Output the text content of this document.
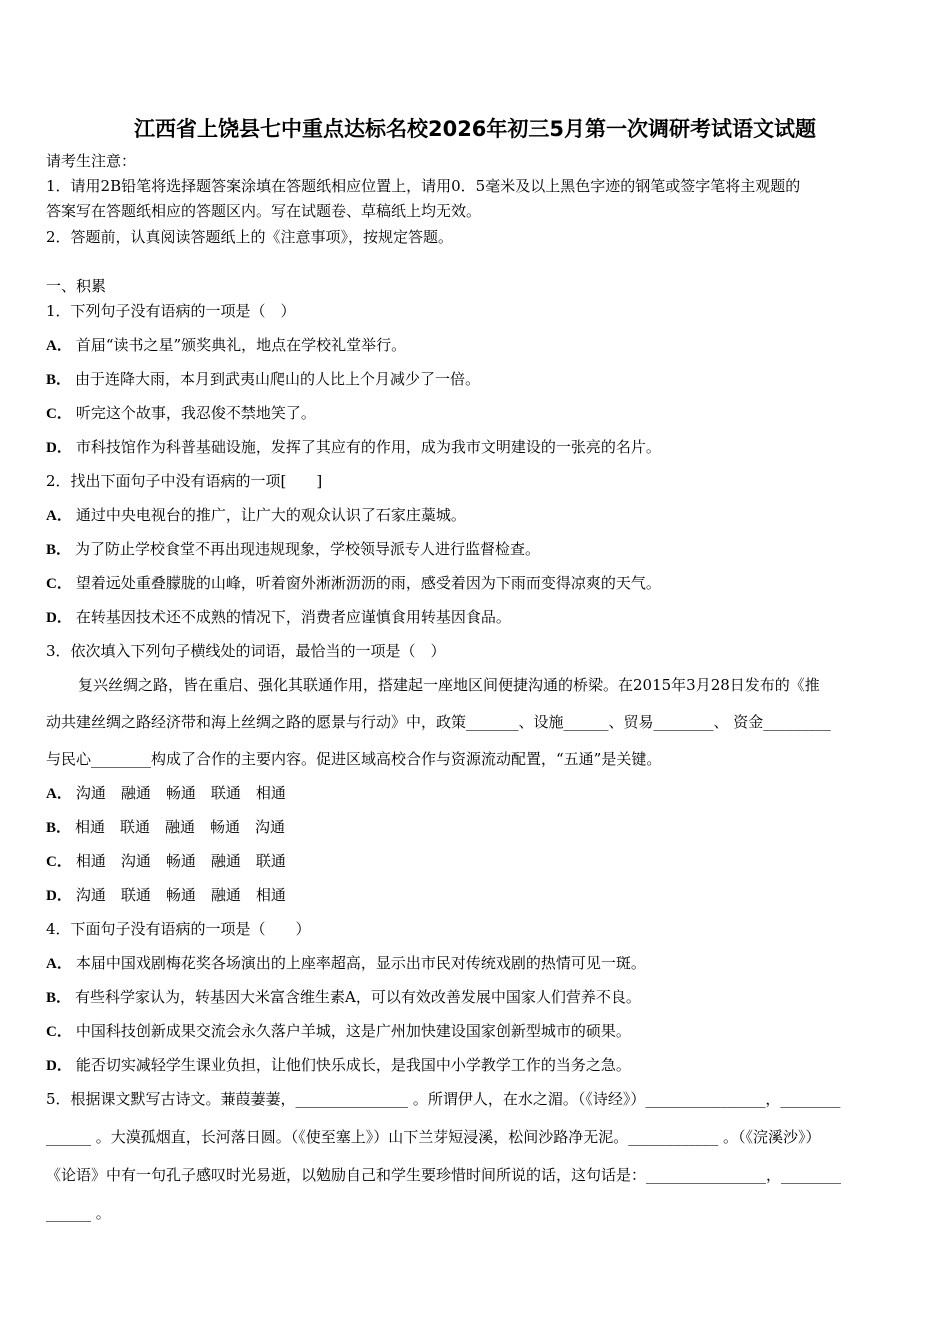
江西省上饶县七中重点达标名校2026年初三5月第一次调研考试语文试题
请考生注意：
1．请用2B铅笔将选择题答案涂填在答题纸相应位置上，请用0．5毫米及以上黑色字迹的钢笔或签字笔将主观题的
答案写在答题纸相应的答题区内。写在试题卷、草稿纸上均无效。
2．答题前，认真阅读答题纸上的《注意事项》，按规定答题。
一、积累
1．下列句子没有语病的一项是（　）
A． 首届“读书之星”颁奖典礼，地点在学校礼堂举行。
B． 由于连降大雨，本月到武夷山爬山的人比上个月减少了一倍。
C． 听完这个故事，我忍俊不禁地笑了。
D． 市科技馆作为科普基础设施，发挥了其应有的作用，成为我市文明建设的一张亮的名片。
2．找出下面句子中没有语病的一项[　　]
A． 通过中央电视台的推广，让广大的观众认识了石家庄藁城。
B． 为了防止学校食堂不再出现违规现象，学校领导派专人进行监督检查。
C． 望着远处重叠朦胧的山峰，听着窗外淅淅沥沥的雨，感受着因为下雨而变得凉爽的天气。
D． 在转基因技术还不成熟的情况下，消费者应谨慎食用转基因食品。
3．依次填入下列句子横线处的词语，最恰当的一项是（　）
复兴丝绸之路，皆在重启、强化其联通作用，搭建起一座地区间便捷沟通的桥梁。在2015年3月28日发布的《推
动共建丝绸之路经济带和海上丝绸之路的愿景与行动》中，政策_______、设施______、贸易________、 资金_________
与民心________构成了合作的主要内容。促进区域高校合作与资源流动配置，“五通”是关键。
A． 沟通　融通　畅通　联通　相通
B． 相通　联通　融通　畅通　沟通
C． 相通　沟通　畅通　融通　联通
D． 沟通　联通　畅通　融通　相通
4．下面句子没有语病的一项是（　　）
A． 本届中国戏剧梅花奖各场演出的上座率超高，显示出市民对传统戏剧的热情可见一斑。
B． 有些科学家认为，转基因大米富含维生素A，可以有效改善发展中国家人们营养不良。
C． 中国科技创新成果交流会永久落户羊城，这是广州加快建设国家创新型城市的硕果。
D． 能否切实减轻学生课业负担，让他们快乐成长，是我国中小学教学工作的当务之急。
5．根据课文默写古诗文。蒹葭萋萋，_______________ 。所谓伊人，在水之湄。（《诗经》）________________，________
______ 。大漠孤烟直，长河落日圆。（《使至塞上》）山下兰芽短浸溪，松间沙路净无泥。____________ 。（《浣溪沙》）
《论语》中有一句孔子感叹时光易逝，以勉励自己和学生要珍惜时间所说的话，这句话是：________________，________
______ 。
